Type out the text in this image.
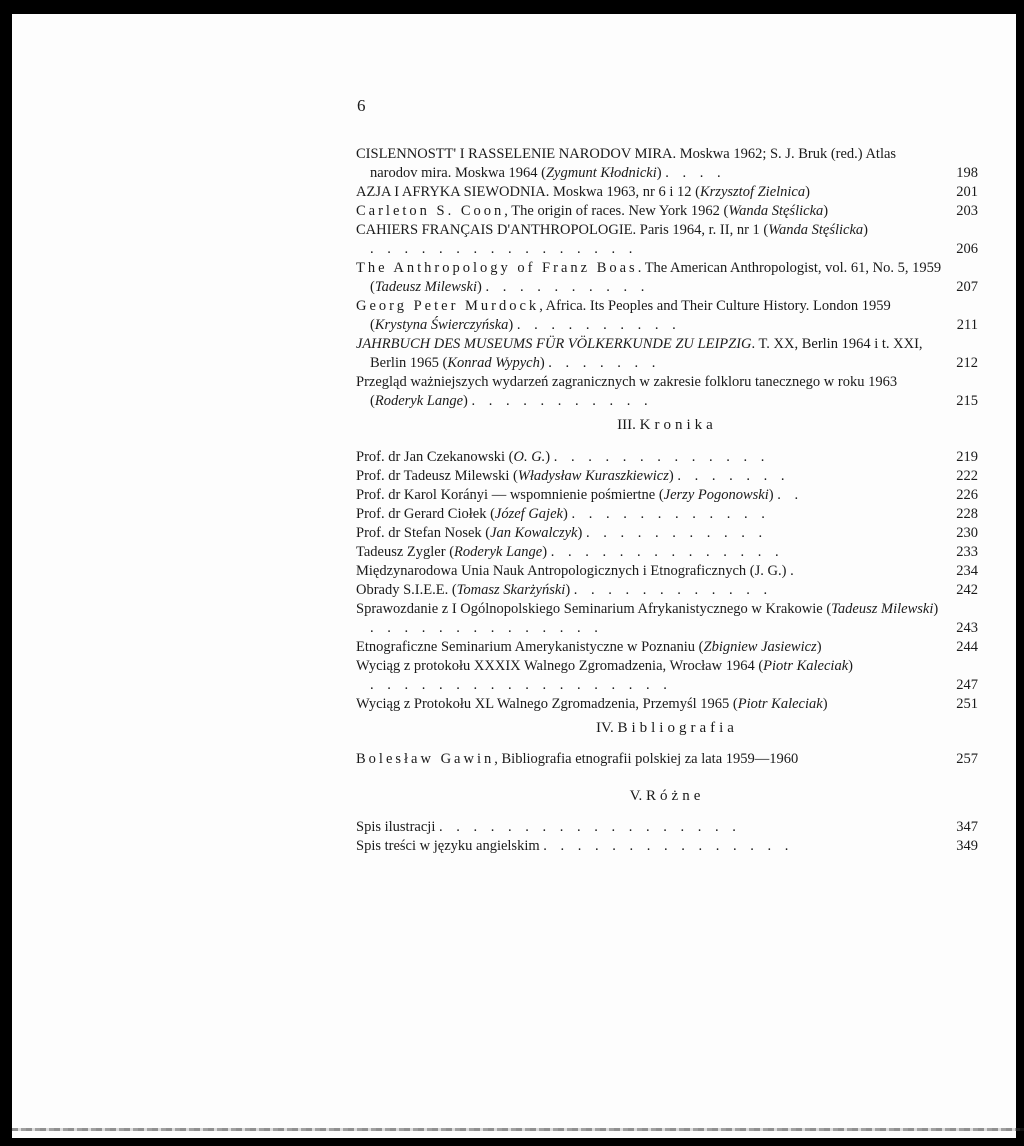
6
CISLENNOSTT' I RASSELENIE NARODOV MIRA. Moskwa 1962; S. J. Bruk (red.) Atlas narodov mira. Moskwa 1964 (Zygmunt Kłodnicki) . . . .	198
AZJA I AFRYKA SIEWODNIA. Moskwa 1963, nr 6 i 12 (Krzysztof Zielnica)	201
Carleton S. Coon, The origin of races. New York 1962 (Wanda Stęślicka)	203
CAHIERS FRANÇAIS D'ANTHROPOLOGIE. Paris 1964, r. II, nr 1 (Wanda Stęślicka) . . . . . . . . . . . . . . . .	206
The Anthropology of Franz Boas. The American Anthropologist, vol. 61, No. 5, 1959 (Tadeusz Milewski) . . . . . . . . . .	207
Georg Peter Murdock, Africa. Its Peoples and Their Culture History. London 1959 (Krystyna Świerczyńska) . . . . . . . . . .	211
JAHRBUCH DES MUSEUMS FÜR VÖLKERKUNDE ZU LEIPZIG. T. XX, Berlin 1964 i t. XXI, Berlin 1965 (Konrad Wypych) . . . . . . .	212
Przegląd ważniejszych wydarzeń zagranicznych w zakresie folkloru tanecznego w roku 1963 (Roderyk Lange) . . . . . . . . . . .	215
III. Kronika
Prof. dr Jan Czekanowski (O. G.) . . . . . . . . . . . . .	219
Prof. dr Tadeusz Milewski (Władysław Kuraszkiewicz) . . . . . . .	222
Prof. dr Karol Korányi — wspomnienie pośmiertne (Jerzy Pogonowski) . .	226
Prof. dr Gerard Ciołek (Józef Gajek) . . . . . . . . . . . .	228
Prof. dr Stefan Nosek (Jan Kowalczyk) . . . . . . . . . . .	230
Tadeusz Zygler (Roderyk Lange) . . . . . . . . . . . . . .	233
Międzynarodowa Unia Nauk Antropologicznych i Etnograficznych (J. G.) .	234
Obrady S.I.E.E. (Tomasz Skarżyński) . . . . . . . . . . . .	242
Sprawozdanie z I Ogólnopolskiego Seminarium Afrykanistycznego w Krakowie (Tadeusz Milewski) . . . . . . . . . . . . . .	243
Etnograficzne Seminarium Amerykanistyczne w Poznaniu (Zbigniew Jasiewicz)	244
Wyciąg z protokołu XXXIX Walnego Zgromadzenia, Wrocław 1964 (Piotr Kaleciak) . . . . . . . . . . . . . . . . . .	247
Wyciąg z Protokołu XL Walnego Zgromadzenia, Przemyśl 1965 (Piotr Kaleciak)	251
IV. Bibliografia
Bolesław Gawin, Bibliografia etnografii polskiej za lata 1959—1960	257
V. Różne
Spis ilustracji . . . . . . . . . . . . . . . . . .	347
Spis treści w języku angielskim . . . . . . . . . . . . . . .	349
